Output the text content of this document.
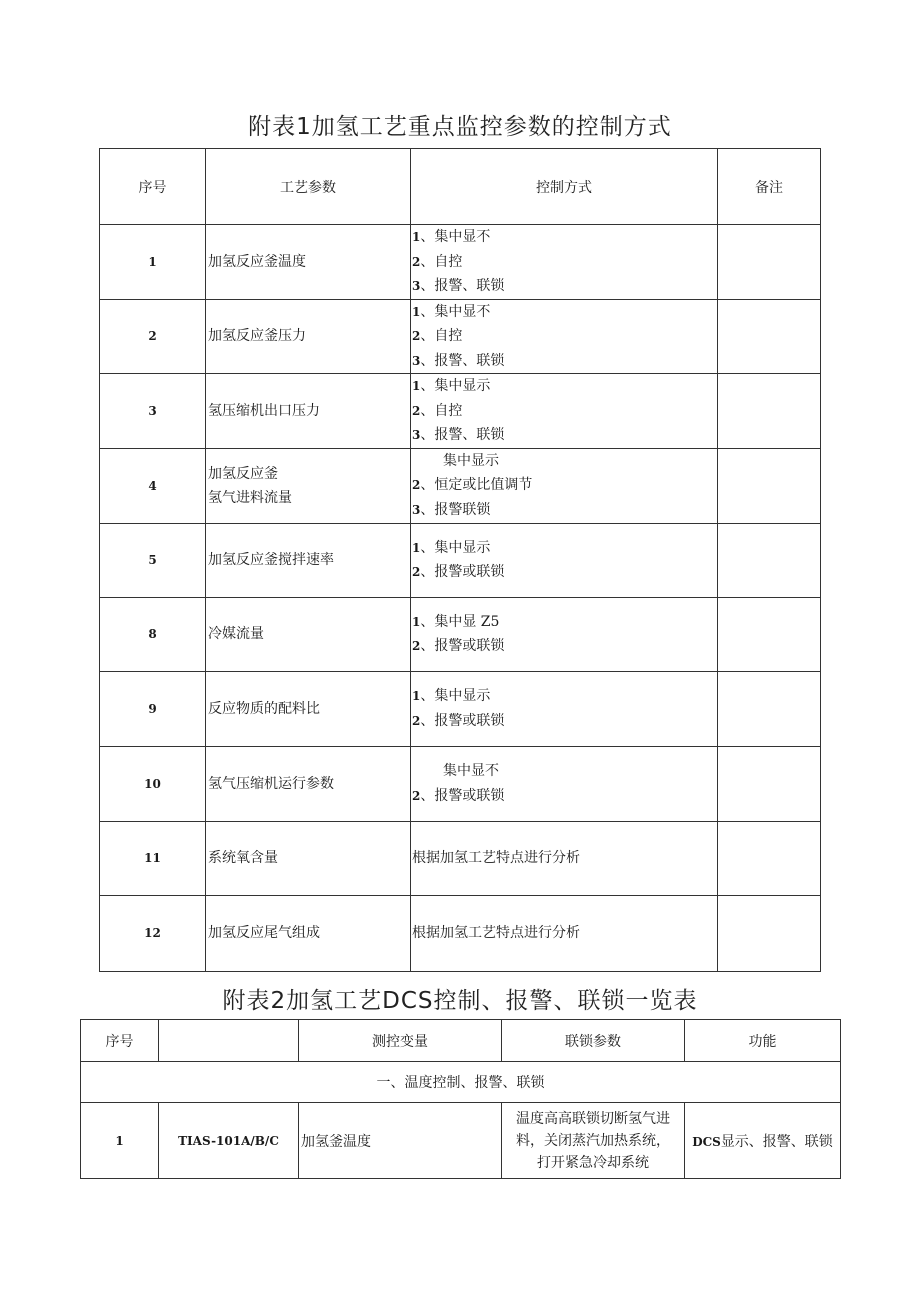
附表1加氢工艺重点监控参数的控制方式
序号	工艺参数	控制方式	备注
1	加氢反应釜温度	1、集中显不
2、自控
3、报警、联锁	

2	加氢反应釜压力	1、集中显不
2、自控
3、报警、联锁	

3	氢压缩机出口压力	1、集中显示
2、自控
3、报警、联锁	

4	加氢反应釜
氢气进料流量	集中显示
2、恒定或比值调节
3、报警联锁	

5	加氢反应釜搅拌速率	1、集中显示
2、报警或联锁	

8	冷媒流量	1、集中显 Z5
2、报警或联锁	

9	反应物质的配料比	1、集中显示
2、报警或联锁	

10	氢气压缩机运行参数	集中显不
2、报警或联锁	

11	系统氧含量	根据加氢工艺特点进行分析	

12	加氢反应尾气组成	根据加氢工艺特点进行分析	

附表2加氢工艺DCS控制、报警、联锁一览表
序号		测控变量	联锁参数	功能
一、温度控制、报警、联锁				
1	TIAS-101A/B/C	加氢釜温度	温度高高联锁切断氢气进
料，关闭蒸汽加热系统，
打开紧急冷却系统	DCS显示、报警、联锁
